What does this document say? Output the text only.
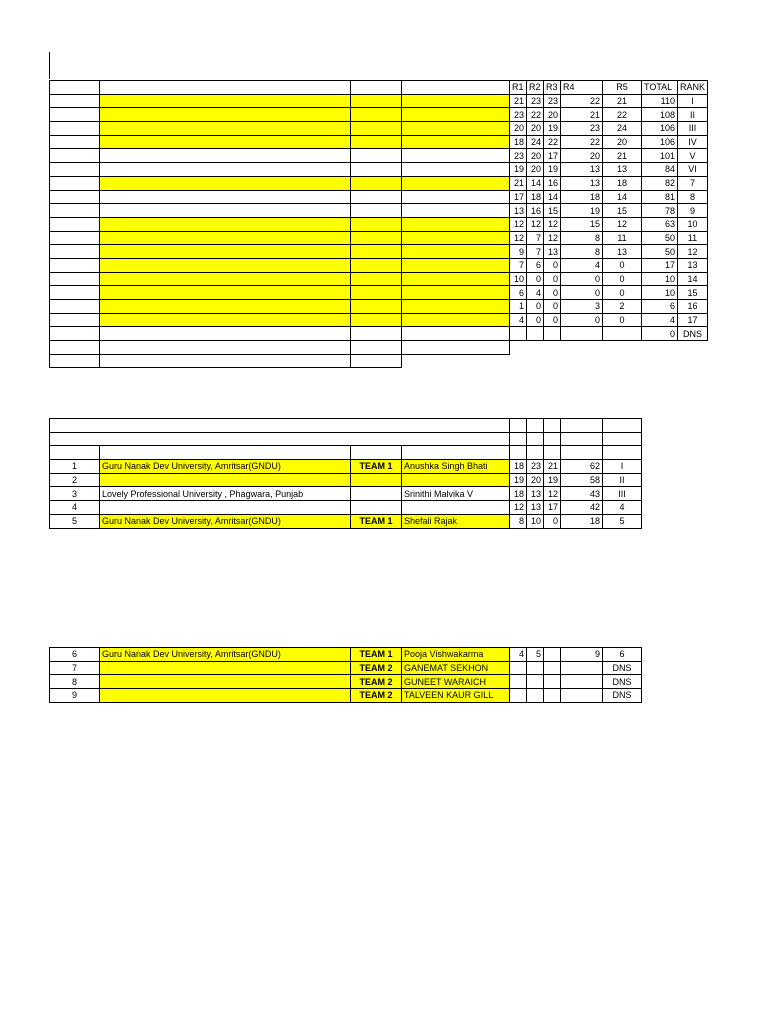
				R1	R2	R3	R4	R5	TOTAL	RANK
				21	23	23	22	21	110	I
				23	22	20	21	22	108	II
				20	20	19	23	24	106	III
				18	24	22	22	20	106	IV
				23	20	17	20	21	101	V
				19	20	19	13	13	84	VI
				21	14	16	13	18	82	7
				17	18	14	18	14	81	8
				13	16	15	19	15	78	9
				12	12	12	15	12	63	10
				12	7	12	8	11	50	11
				9	7	13	8	13	50	12
				7	6	0	4	0	17	13
				10	0	0	0	0	10	14
				6	4	0	0	0	10	15
				1	0	0	3	2	6	16
				4	0	0	0	0	4	17
									0	DNS

1	Guru Nanak Dev University, Amritsar(GNDU)	TEAM 1	Anushka Singh Bhati	18	23	21	62	I
2				19	20	19	58	II
3	Lovely Professional University , Phagwara, Punjab		Srinithi Malvika V	18	13	12	43	III
4				12	13	17	42	4
5	Guru Nanak Dev University, Amritsar(GNDU)	TEAM 1	Shefali Rajak	8	10	0	18	5
6	Guru Nanak Dev University, Amritsar(GNDU)	TEAM 1	Pooja Vishwakarma	4	5		9	6
7		TEAM 2	GANEMAT SEKHON					DNS
8		TEAM 2	GUNEET WARAICH					DNS
9		TEAM 2	TALVEEN KAUR GILL					DNS
